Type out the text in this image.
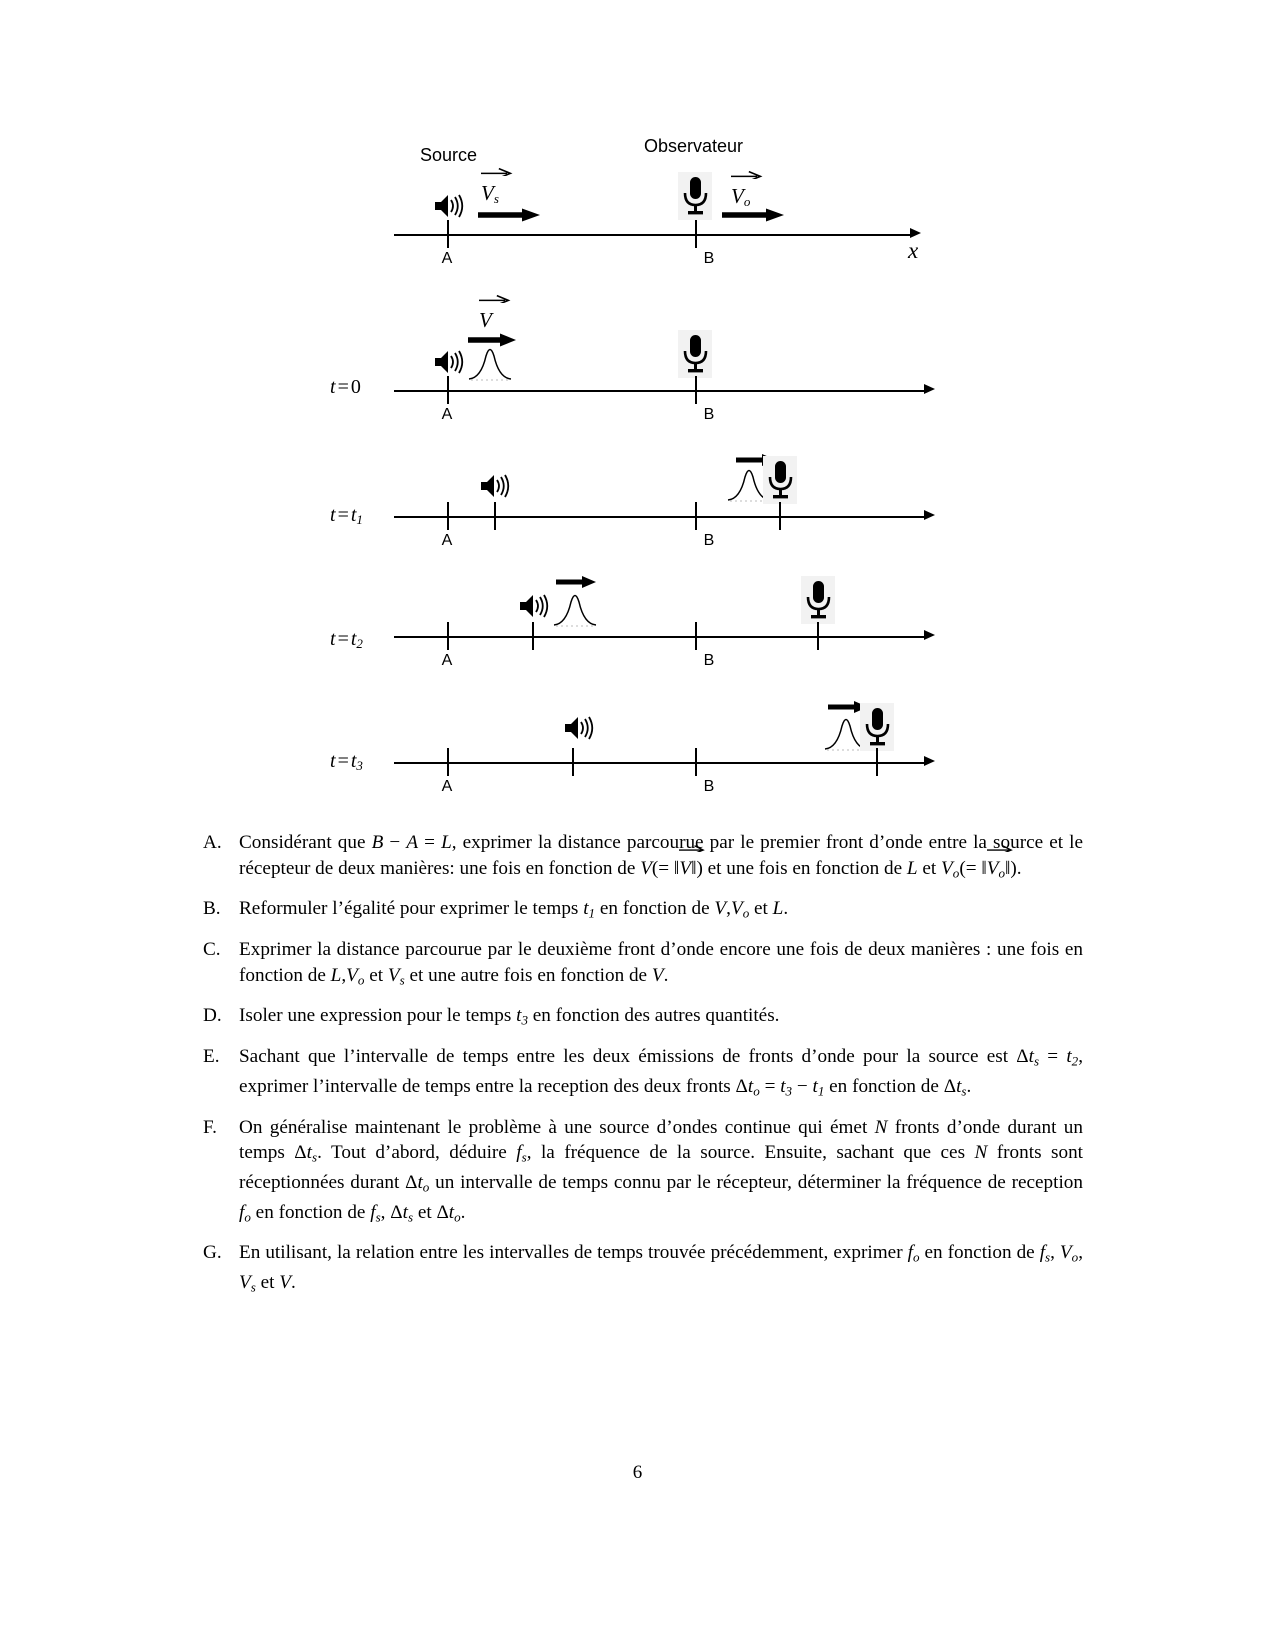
Source	Observateur
$V_s$	$V_o$
A	B	x
t = 0
V
A	B
$t = t_1$
A	B
$t = t_2$
A	B
$t = t_3$
A	B
A. Considérant que B − A = L, exprimer la distance parcourue par le premier front d’onde entre la source et le récepteur de deux manières: une fois en fonction de V(= ‖V
‖) et une fois en fonction de L et $V_o(=$ $‖V_o$
‖).
B. Reformuler l’égalité pour exprimer le temps $t_1$ en fonction de $V,V_o$ et L.
C. Exprimer la distance parcourue par le deuxième front d’onde encore une fois de deux manières : une fois en fonction de $L,V_o$ et $V_s$ et une autre fois en fonction de V.
D. Isoler une expression pour le temps $t_3$ en fonction des autres quantités.
E.	Sachant que l’intervalle de temps entre les deux émissions de fronts d’onde pour la source est $\Delta t_s = t_2$, exprimer l’intervalle de temps entre la reception des deux fronts $\Delta t_o = t_3 - t_1$ en fonction de $\Delta t_s$.
F.	On généralise maintenant le problème à une source d’ondes continue qui émet N fronts d’onde durant un temps $\Delta t_s$. Tout d’abord, déduire $f_s$, la fréquence de la source. Ensuite, sachant que ces N fronts sont réceptionnées durant $\Delta t_o$ un intervalle de temps connu par le récepteur, déterminer la fréquence de reception $f_o$ en fonction de $f_s$, $\Delta t_s$ et $\Delta t_o$.
G. En utilisant, la relation entre les intervalles de temps trouvée précédemment, exprimer $f_o$ en fonction de $f_s$, $V_o$, $V_s$ et V.
6
